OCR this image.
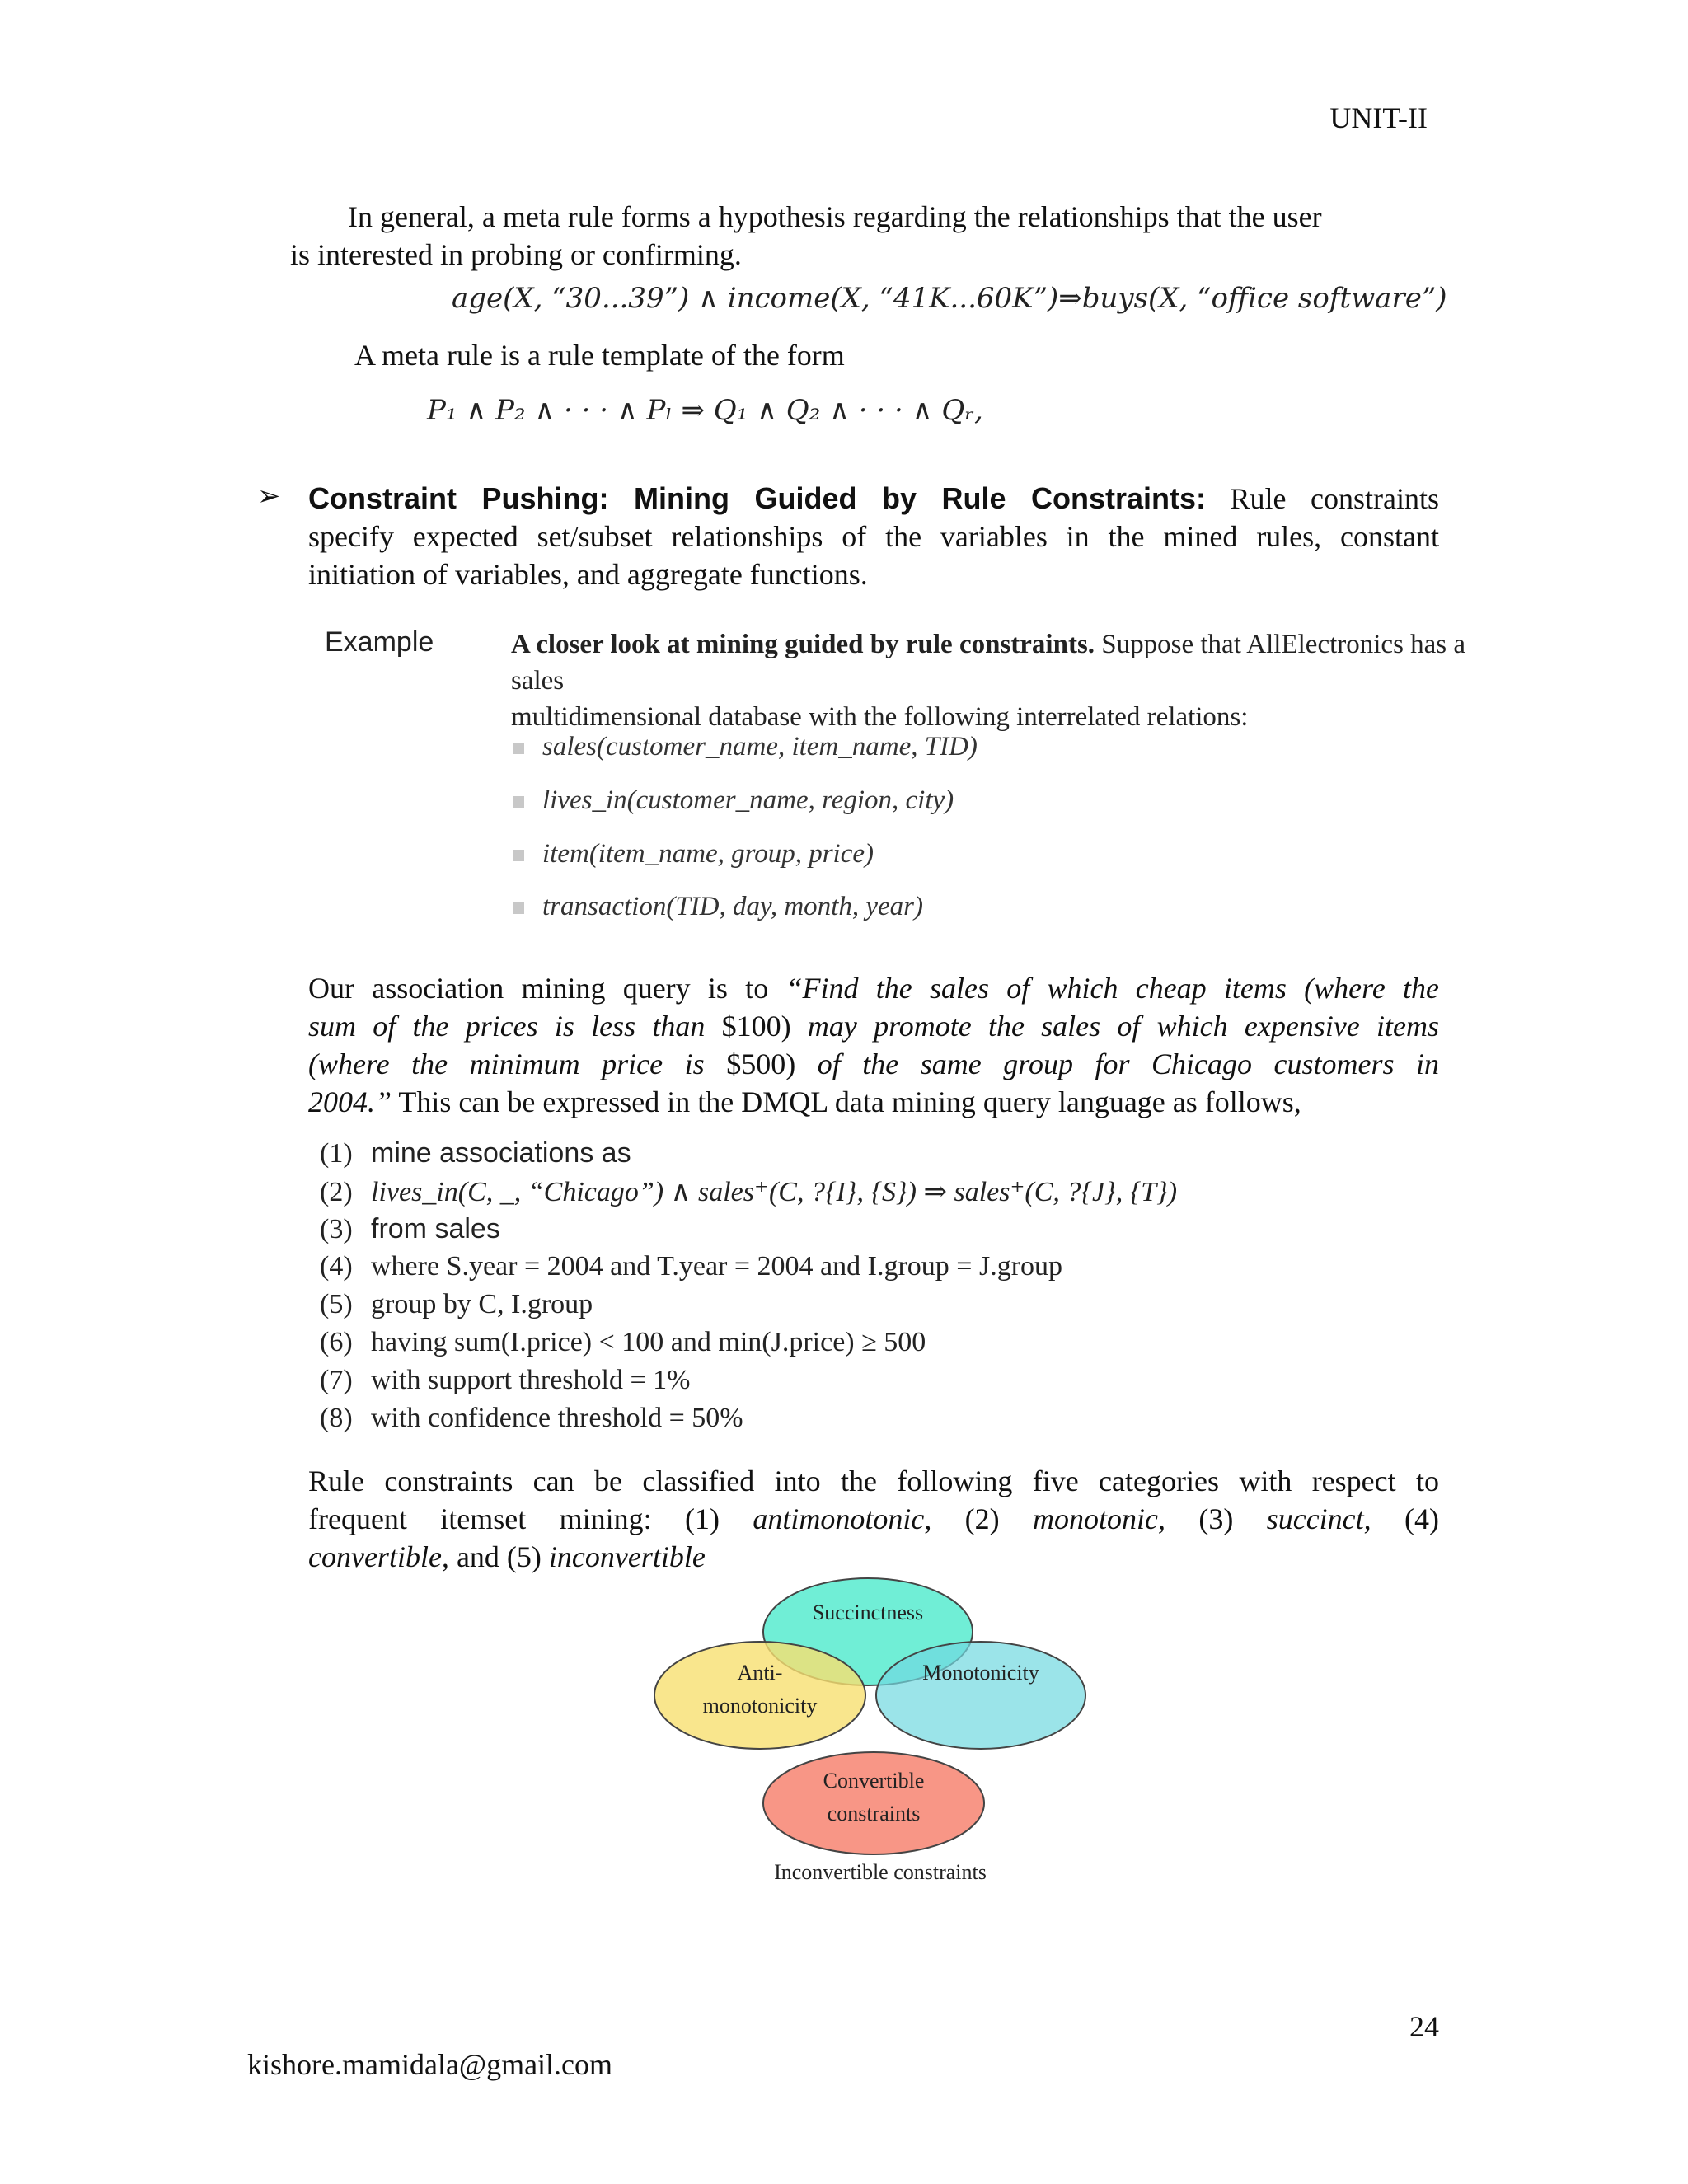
UNIT-II
In general, a meta rule forms a hypothesis regarding the relationships that the user
is interested in probing or confirming.
age(X, “30...39”) ∧ income(X, “41K...60K”)⇒buys(X, “office software”)
A meta rule is a rule template of the form
P₁ ∧ P₂ ∧ · · · ∧ Pₗ ⇒ Q₁ ∧ Q₂ ∧ · · · ∧ Qᵣ,
➢ Constraint Pushing: Mining Guided by Rule Constraints: Rule constraints
specify expected set/subset relationships of the variables in the mined rules, constant
initiation of variables, and aggregate functions.
Example	A closer look at mining guided by rule constraints. Suppose that AllElectronics has a sales
multidimensional database with the following interrelated relations:
sales(customer_name, item_name, TID)
lives_in(customer_name, region, city)
item(item_name, group, price)
transaction(TID, day, month, year)
Our association mining query is to “Find the sales of which cheap items (where the
sum of the prices is less than $100) may promote the sales of which expensive items
(where the minimum price is $500) of the same group for Chicago customers in
2004.” This can be expressed in the DMQL data mining query language as follows,
(1) mine associations as
(2) lives_in(C, _, “Chicago”) ∧ sales⁺(C, ?{I}, {S}) ⇒ sales⁺(C, ?{J}, {T})
(3) from sales
(4) where S.year = 2004 and T.year = 2004 and I.group = J.group
(5) group by C, I.group
(6) having sum(I.price) < 100 and min(J.price) ≥ 500
(7) with support threshold = 1%
(8) with confidence threshold = 50%
Rule constraints can be classified into the following five categories with respect to
frequent itemset mining: (1) antimonotonic, (2) monotonic, (3) succinct, (4)
convertible, and (5) inconvertible
Succinctness
Anti-
monotonicity
Monotonicity
Convertible
constraints
Inconvertible constraints
24
kishore.mamidala@gmail.com
